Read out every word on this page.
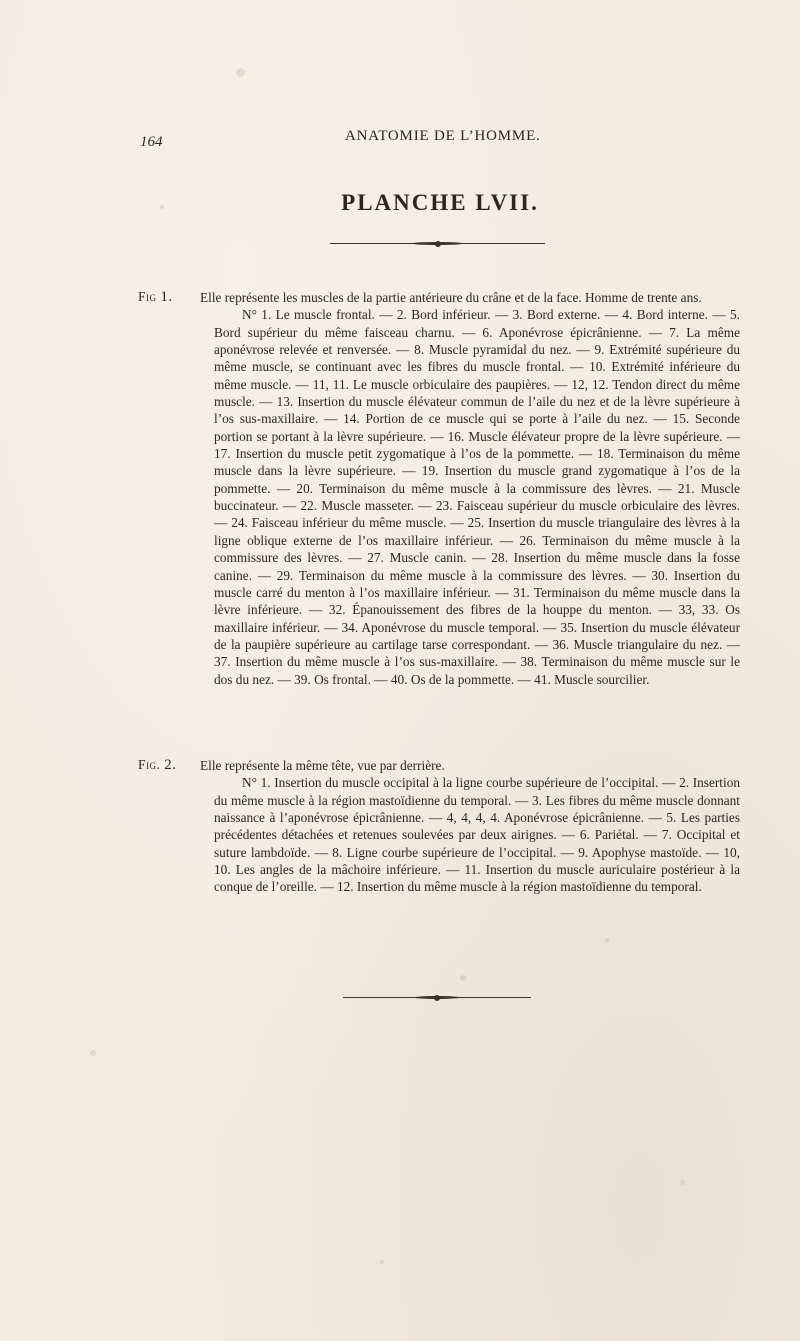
164	ANATOMIE DE L’HOMME.
PLANCHE LVII.
Fig 1. Elle représente les muscles de la partie antérieure du crâne et de la face. Homme de trente ans.

N° 1. Le muscle frontal. — 2. Bord inférieur. — 3. Bord externe. — 4. Bord interne. — 5. Bord supérieur du même faisceau charnu. — 6. Aponévrose épicrânienne. — 7. La même aponévrose relevée et renversée. — 8. Muscle pyramidal du nez. — 9. Extrémité supérieure du même muscle, se continuant avec les fibres du muscle frontal. — 10. Extrémité inférieure du même muscle. — 11, 11. Le muscle orbiculaire des paupières. — 12, 12. Tendon direct du même muscle. — 13. Insertion du muscle élévateur commun de l’aile du nez et de la lèvre supérieure à l’os sus-maxillaire. — 14. Portion de ce muscle qui se porte à l’aile du nez. — 15. Seconde portion se portant à la lèvre supérieure. — 16. Muscle élévateur propre de la lèvre supérieure. — 17. Insertion du muscle petit zygomatique à l’os de la pommette. — 18. Terminaison du même muscle dans la lèvre supérieure. — 19. Insertion du muscle grand zygomatique à l’os de la pommette. — 20. Terminaison du même muscle à la commissure des lèvres. — 21. Muscle buccinateur. — 22. Muscle masseter. — 23. Faisceau supérieur du muscle orbiculaire des lèvres. — 24. Faisceau inférieur du même muscle. — 25. Insertion du muscle triangulaire des lèvres à la ligne oblique externe de l’os maxillaire inférieur. — 26. Terminaison du même muscle à la commissure des lèvres. — 27. Muscle canin. — 28. Insertion du même muscle dans la fosse canine. — 29. Terminaison du même muscle à la commissure des lèvres. — 30. Insertion du muscle carré du menton à l’os maxillaire inférieur. — 31. Terminaison du même muscle dans la lèvre inférieure. — 32. Épanouissement des fibres de la houppe du menton. — 33, 33. Os maxillaire inférieur. — 34. Aponévrose du muscle temporal. — 35. Insertion du muscle élévateur de la paupière supérieure au cartilage tarse correspondant. — 36. Muscle triangulaire du nez. — 37. Insertion du même muscle à l’os sus-maxillaire. — 38. Terminaison du même muscle sur le dos du nez. — 39. Os frontal. — 40. Os de la pommette. — 41. Muscle sourcilier.

Fig. 2. Elle représente la même tête, vue par derrière.

N° 1. Insertion du muscle occipital à la ligne courbe supérieure de l’occipital. — 2. Insertion du même muscle à la région mastoïdienne du temporal. — 3. Les fibres du même muscle donnant naissance à l’aponévrose épicrânienne. — 4, 4, 4, 4. Aponévrose épicrânienne. — 5. Les parties précédentes détachées et retenues soulevées par deux airignes. — 6. Pariétal. — 7. Occipital et suture lambdoïde. — 8. Ligne courbe supérieure de l’occipital. — 9. Apophyse mastoïde. — 10, 10. Les angles de la mâchoire inférieure. — 11. Insertion du muscle auriculaire postérieur à la conque de l’oreille. — 12. Insertion du même muscle à la région mastoïdienne du temporal.
